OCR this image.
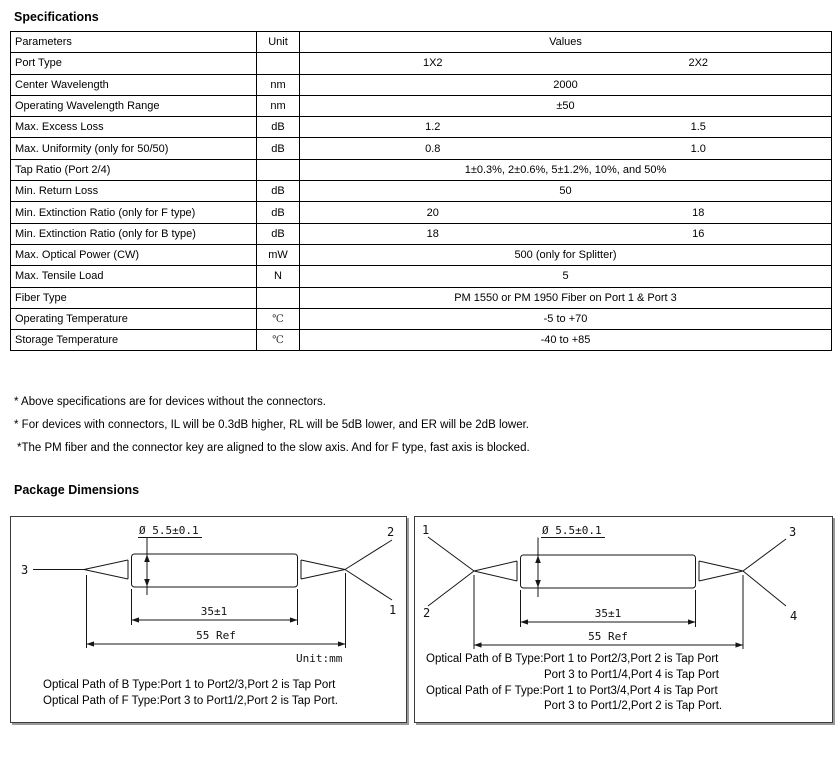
Specifications
Parameters	Unit	Values
Port Type		1X2 2X2
Center Wavelength	nm	2000
Operating Wavelength Range	nm	±50
Max. Excess Loss	dB	1.2 1.5
Max. Uniformity (only for 50/50)	dB	0.8 1.0
Tap Ratio (Port 2/4)		1±0.3%, 2±0.6%, 5±1.2%, 10%, and 50%
Min. Return Loss	dB	50
Min. Extinction Ratio (only for F type)	dB	20 18
Min. Extinction Ratio (only for B type)	dB	18 16
Max. Optical Power (CW)	mW	500 (only for Splitter)
Max. Tensile Load	N	5
Fiber Type		PM 1550 or PM 1950 Fiber on Port 1 & Port 3
Operating Temperature	℃	-5 to +70
Storage Temperature	℃	-40 to +85
* Above specifications are for devices without the connectors.
* For devices with connectors, IL will be 0.3dB higher, RL will be 5dB lower, and ER will be 2dB lower.
*The PM fiber and the connector key are aligned to the slow axis. And for F type, fast axis is blocked.
Package Dimensions
3
2
1
Ø 5.5±0.1
35±1
55 Ref
Unit:mm
Optical Path of B Type:Port 1 to Port2/3,Port 2 is Tap Port
Optical Path of F Type:Port 3 to Port1/2,Port 2 is Tap Port.
1
2
3
4
Ø 5.5±0.1
35±1
55 Ref
Optical Path of B Type:Port 1 to Port2/3,Port 2 is Tap Port
Port 3 to Port1/4,Port 4 is Tap Port
Optical Path of F Type:Port 1 to Port3/4,Port 4 is Tap Port
Port 3 to Port1/2,Port 2 is Tap Port.
